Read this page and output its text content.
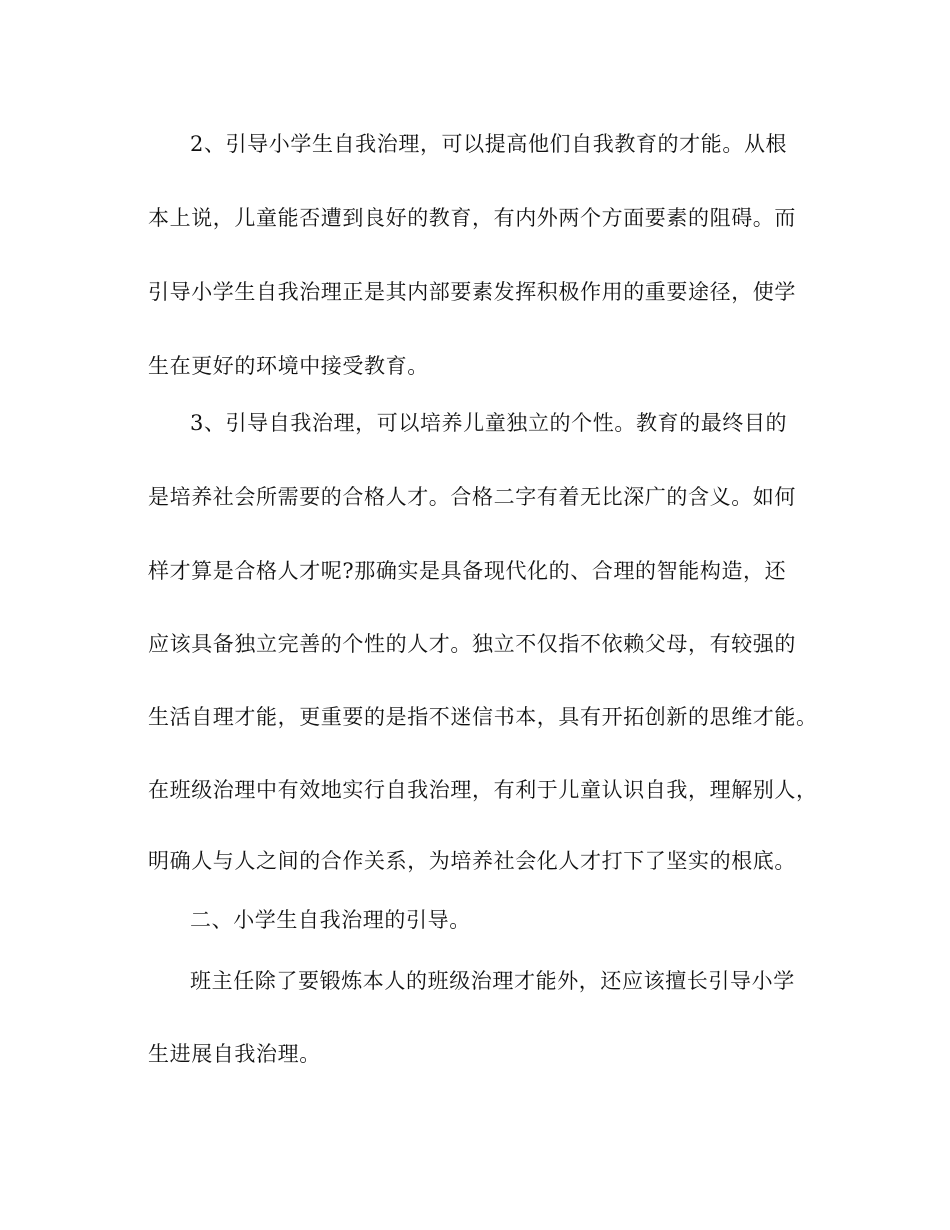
2、引导小学生自我治理，可以提高他们自我教育的才能。从根
本上说，儿童能否遭到良好的教育，有内外两个方面要素的阻碍。而
引导小学生自我治理正是其内部要素发挥积极作用的重要途径，使学
生在更好的环境中接受教育。
3、引导自我治理，可以培养儿童独立的个性。教育的最终目的
是培养社会所需要的合格人才。合格二字有着无比深广的含义。如何
样才算是合格人才呢?那确实是具备现代化的、合理的智能构造，还
应该具备独立完善的个性的人才。独立不仅指不依赖父母，有较强的
生活自理才能，更重要的是指不迷信书本，具有开拓创新的思维才能。
在班级治理中有效地实行自我治理，有利于儿童认识自我，理解别人，
明确人与人之间的合作关系，为培养社会化人才打下了坚实的根底。
二、小学生自我治理的引导。
班主任除了要锻炼本人的班级治理才能外，还应该擅长引导小学
生进展自我治理。
